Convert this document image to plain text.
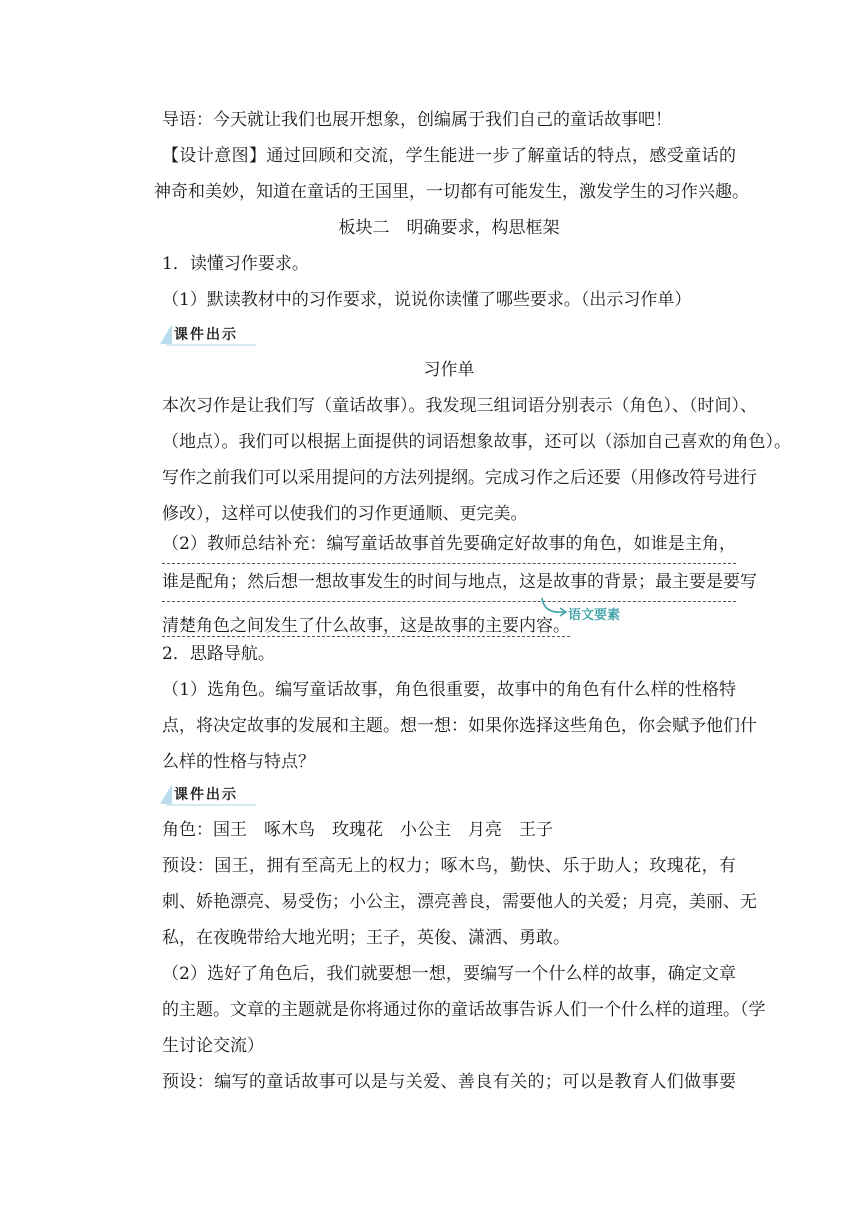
导语：今天就让我们也展开想象，创编属于我们自己的童话故事吧！

【设计意图】通过回顾和交流，学生能进一步了解童话的特点，感受童话的
神奇和美妙，知道在童话的王国里，一切都有可能发生，激发学生的习作兴趣。

板块二　明确要求，构思框架

1．读懂习作要求。
（1）默读教材中的习作要求，说说你读懂了哪些要求。（出示习作单）

课件出示

习作单

本次习作是让我们写（童话故事）。我发现三组词语分别表示（角色）、（时间）、
（地点）。我们可以根据上面提供的词语想象故事，还可以（添加自己喜欢的角色）。
写作之前我们可以采用提问的方法列提纲。完成习作之后还要（用修改符号进行
修改），这样可以使我们的习作更通顺、更完美。

（2）教师总结补充：编写童话故事首先要确定好故事的角色，如谁是主角，
谁是配角；然后想一想故事发生的时间与地点，这是故事的背景；最主要是要写
清楚角色之间发生了什么故事，这是故事的主要内容。

语文要素

2．思路导航。
（1）选角色。编写童话故事，角色很重要，故事中的角色有什么样的性格特
点，将决定故事的发展和主题。想一想：如果你选择这些角色，你会赋予他们什
么样的性格与特点？

课件出示

角色：国王　啄木鸟　玫瑰花　小公主　月亮　王子
预设：国王，拥有至高无上的权力；啄木鸟，勤快、乐于助人；玫瑰花，有
刺、娇艳漂亮、易受伤；小公主，漂亮善良，需要他人的关爱；月亮，美丽、无
私，在夜晚带给大地光明；王子，英俊、潇洒、勇敢。
（2）选好了角色后，我们就要想一想，要编写一个什么样的故事，确定文章
的主题。文章的主题就是你将通过你的童话故事告诉人们一个什么样的道理。（学
生讨论交流）
预设：编写的童话故事可以是与关爱、善良有关的；可以是教育人们做事要
